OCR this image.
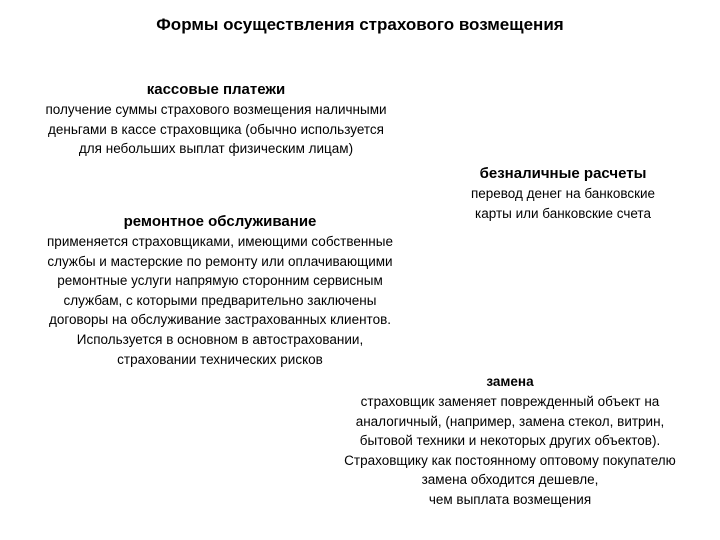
Формы осуществления страхового возмещения
кассовые платежи
получение суммы страхового возмещения наличными
деньгами в кассе страховщика (обычно используется
для небольших выплат физическим лицам)
безналичные расчеты
перевод денег на банковские
карты или банковские счета
ремонтное обслуживание
применяется страховщиками, имеющими собственные
службы и мастерские по ремонту или оплачивающими
ремонтные услуги напрямую сторонним сервисным
службам, с которыми предварительно заключены
договоры на обслуживание застрахованных клиентов.
Используется в основном в автостраховании,
страховании технических рисков
замена
страховщик заменяет поврежденный объект на
аналогичный, (например, замена стекол, витрин,
бытовой техники и некоторых других объектов).
Страховщику как постоянному оптовому покупателю
замена обходится дешевле,
чем выплата возмещения
